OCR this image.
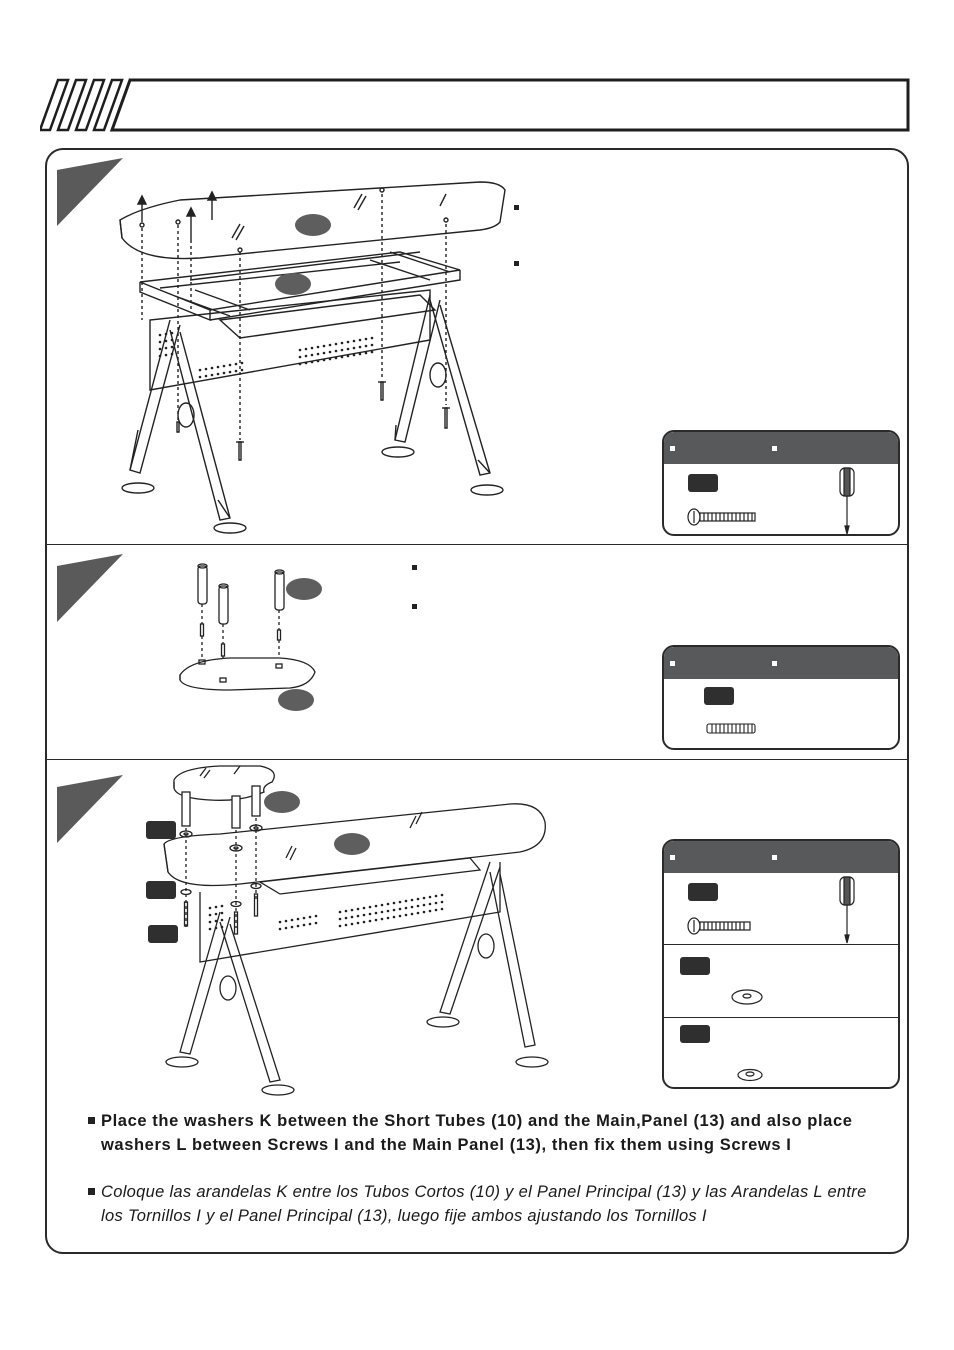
Place the washers K between the Short Tubes (10) and the Main,Panel (13) and also place washers L between Screws I and the Main Panel (13), then fix them using Screws I

Coloque las arandelas K entre los Tubos Cortos (10) y el Panel Principal (13) y las Arandelas L entre los Tornillos I y el Panel Principal (13), luego fije ambos ajustando los Tornillos I
